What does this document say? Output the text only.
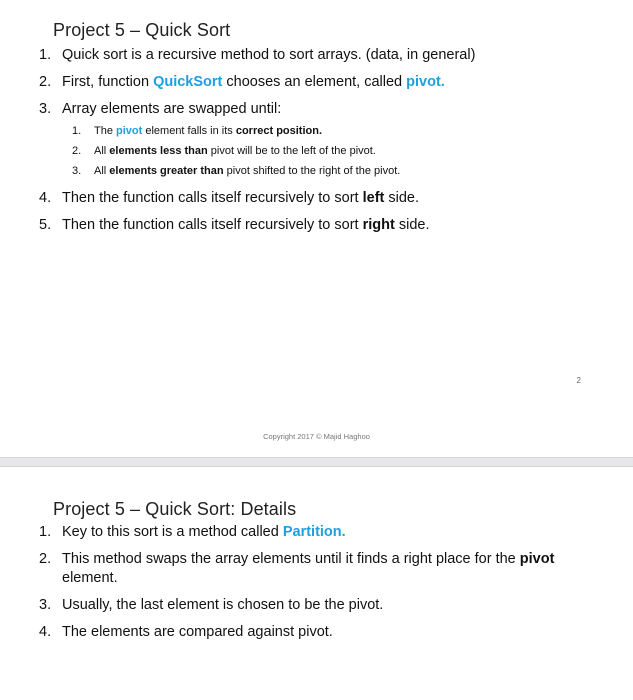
Project 5 – Quick Sort
1. Quick sort is a recursive method to sort arrays. (data, in general)
2. First, function QuickSort chooses an element, called pivot.
3. Array elements are swapped until:
1. The pivot element falls in its correct position.
2. All elements less than pivot will be to the left of the pivot.
3. All elements greater than pivot shifted to the right of the pivot.
4. Then the function calls itself recursively to sort left side.
5. Then the function calls itself recursively to sort right side.
2
Copyright 2017 © Majid Haghoo
Project 5 – Quick Sort: Details
1. Key to this sort is a method called Partition.
2. This method swaps the array elements until it finds a right place for the pivot element.
3. Usually, the last element is chosen to be the pivot.
4. The elements are compared against pivot.
